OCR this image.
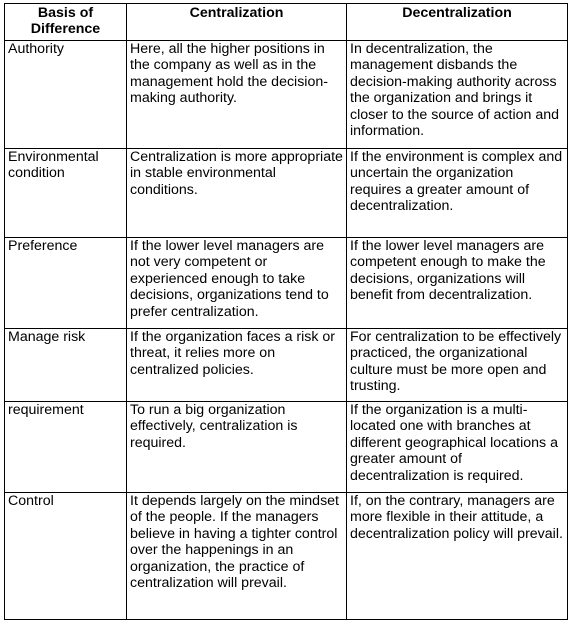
Basis of Difference	Centralization	Decentralization
Authority	Here, all the higher positions in the company as well as in the management hold the decision-making authority.	In decentralization, the management disbands the decision-making authority across the organization and brings it closer to the source of action and information.
Environmental condition	Centralization is more appropriate in stable environmental conditions.	If the environment is complex and uncertain the organization requires a greater amount of decentralization.
Preference	If the lower level managers are not very competent or experienced enough to take decisions, organizations tend to prefer centralization.	If the lower level managers are competent enough to make the decisions, organizations will benefit from decentralization.
Manage risk	If the organization faces a risk or threat, it relies more on centralized policies.	For centralization to be effectively practiced, the organizational culture must be more open and trusting.
requirement	To run a big organization effectively, centralization is required.	If the organization is a multi-located one with branches at different geographical locations a greater amount of decentralization is required.
Control	It depends largely on the mindset of the people. If the managers believe in having a tighter control over the happenings in an organization, the practice of centralization will prevail.	If, on the contrary, managers are more flexible in their attitude, a decentralization policy will prevail.
